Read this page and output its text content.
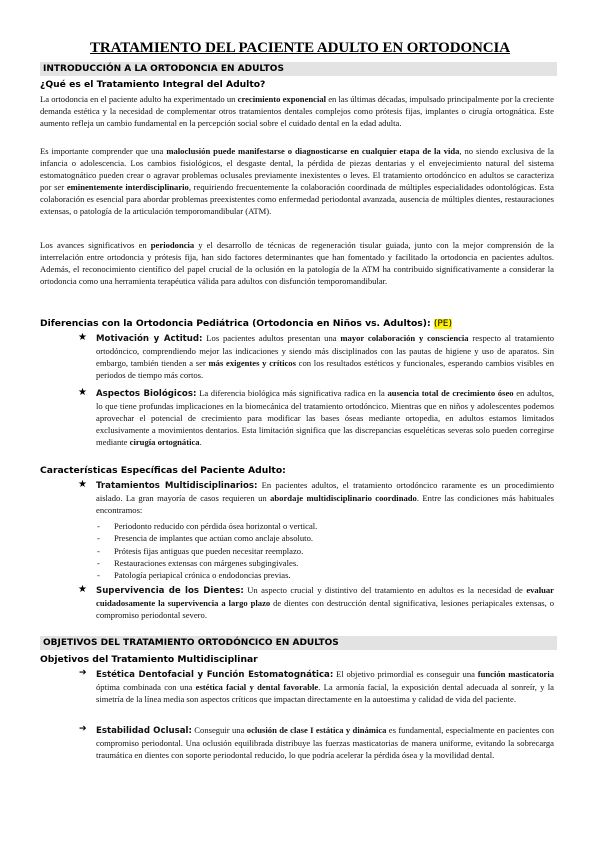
TRATAMIENTO DEL PACIENTE ADULTO EN ORTODONCIA
INTRODUCCIÓN A LA ORTODONCIA EN ADULTOS
¿Qué es el Tratamiento Integral del Adulto?

La ortodoncia en el paciente adulto ha experimentado un crecimiento exponencial en las últimas décadas, impulsado principalmente por la creciente demanda estética y la necesidad de complementar otros tratamientos dentales complejos como prótesis fijas, implantes o cirugía ortognática. Este aumento refleja un cambio fundamental en la percepción social sobre el cuidado dental en la edad adulta.

Es importante comprender que una maloclusión puede manifestarse o diagnosticarse en cualquier etapa de la vida, no siendo exclusiva de la infancia o adolescencia. Los cambios fisiológicos, el desgaste dental, la pérdida de piezas dentarias y el envejecimiento natural del sistema estomatognático pueden crear o agravar problemas oclusales previamente inexistentes o leves. El tratamiento ortodóncico en adultos se caracteriza por ser eminentemente interdisciplinario, requiriendo frecuentemente la colaboración coordinada de múltiples especialidades odontológicas. Esta colaboración es esencial para abordar problemas preexistentes como enfermedad periodontal avanzada, ausencia de múltiples dientes, restauraciones extensas, o patología de la articulación temporomandibular (ATM).

Los avances significativos en periodoncia y el desarrollo de técnicas de regeneración tisular guiada, junto con la mejor comprensión de la interrelación entre ortodoncia y prótesis fija, han sido factores determinantes que han fomentado y facilitado la ortodoncia en pacientes adultos. Además, el reconocimiento científico del papel crucial de la oclusión en la patología de la ATM ha contribuido significativamente a considerar la ortodoncia como una herramienta terapéutica válida para adultos con disfunción temporomandibular.

Diferencias con la Ortodoncia Pediátrica (Ortodoncia en Niños vs. Adultos): (PE)

★ Motivación y Actitud: Los pacientes adultos presentan una mayor colaboración y consciencia respecto al tratamiento ortodóncico, comprendiendo mejor las indicaciones y siendo más disciplinados con las pautas de higiene y uso de aparatos. Sin embargo, también tienden a ser más exigentes y críticos con los resultados estéticos y funcionales, esperando cambios visibles en periodos de tiempo más cortos.

★ Aspectos Biológicos: La diferencia biológica más significativa radica en la ausencia total de crecimiento óseo en adultos, lo que tiene profundas implicaciones en la biomecánica del tratamiento ortodóncico. Mientras que en niños y adolescentes podemos aprovechar el potencial de crecimiento para modificar las bases óseas mediante ortopedia, en adultos estamos limitados exclusivamente a movimientos dentarios. Esta limitación significa que las discrepancias esqueléticas severas solo pueden corregirse mediante cirugía ortognática.

Características Específicas del Paciente Adulto:

★ Tratamientos Multidisciplinarios: En pacientes adultos, el tratamiento ortodóncico raramente es un procedimiento aislado. La gran mayoría de casos requieren un abordaje multidisciplinario coordinado. Entre las condiciones más habituales encontramos:

- Periodonto reducido con pérdida ósea horizontal o vertical.

- Presencia de implantes que actúan como anclaje absoluto.

- Prótesis fijas antiguas que pueden necesitar reemplazo.

- Restauraciones extensas con márgenes subgingivales.

- Patología periapical crónica o endodoncias previas.

★ Supervivencia de los Dientes: Un aspecto crucial y distintivo del tratamiento en adultos es la necesidad de evaluar cuidadosamente la supervivencia a largo plazo de dientes con destrucción dental significativa, lesiones periapicales extensas, o compromiso periodontal severo.

OBJETIVOS DEL TRATAMIENTO ORTODÓNCICO EN ADULTOS
Objetivos del Tratamiento Multidisciplinar

➔ Estética Dentofacial y Función Estomatognática: El objetivo primordial es conseguir una función masticatoria óptima combinada con una estética facial y dental favorable. La armonía facial, la exposición dental adecuada al sonreír, y la simetría de la línea media son aspectos críticos que impactan directamente en la autoestima y calidad de vida del paciente.

➔ Estabilidad Oclusal: Conseguir una oclusión de clase I estática y dinámica es fundamental, especialmente en pacientes con compromiso periodontal. Una oclusión equilibrada distribuye las fuerzas masticatorias de manera uniforme, evitando la sobrecarga traumática en dientes con soporte periodontal reducido, lo que podría acelerar la pérdida ósea y la movilidad dental.
